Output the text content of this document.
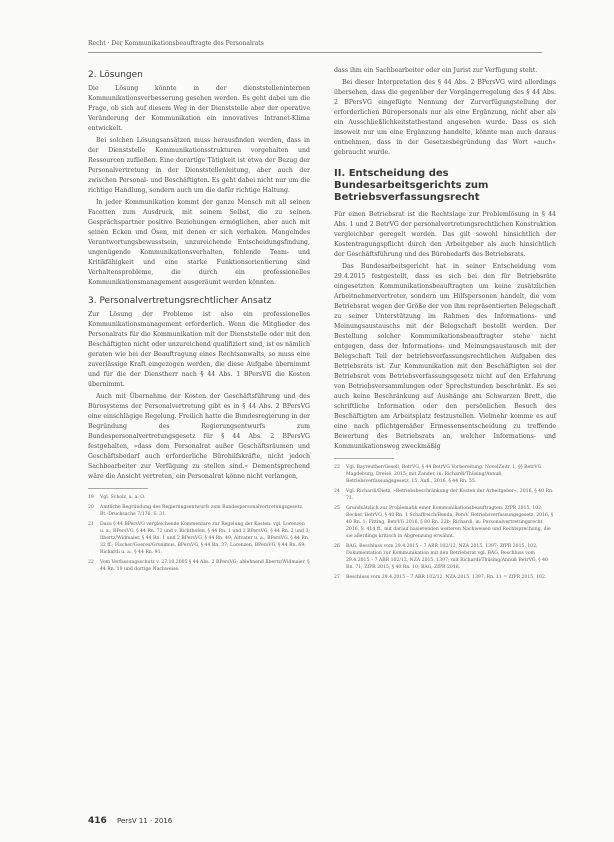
Recht · Der Kommunikationsbeauftragte des Personalrats
2. Lösungen

Die Lösung könnte in der dienststelleninternen Kommunikationsverbesserung gesehen werden. Es geht dabei um die Frage, ob sich auf diesem Weg in der Dienststelle aber der operative Veränderung der Kommunikation ein innovatives Intranet-Klima entwickelt.

Bei solchen Lösungsansätzen muss herausfinden werden, dass in der Dienststelle Kommunikationsstrukturen vorgehalten und Ressourcen zufließen. Eine derartige Tätigkeit ist etwa der Bezug der Personalvertretung in der Dienststellenleitung, aber auch der zwischen Personal- und Beschäftigten. Es geht dabei nicht nur um die richtige Handlung, sondern auch um die dafür richtige Haltung.

In jeder Kommunikation kommt der ganze Mensch mit all seinen Facetten zum Ausdruck, mit seinem Selbst, die zu seinen Gesprächspartner positive Beziehungen ermöglichen, aber auch mit seinen Ecken und Ösen, mit denen er sich verhaken. Mangelndes Verantwortungsbewusstsein, unzureichende Entscheidungsfindung, ungenügende Kommunikationsverhalten, fehlende Team- und Kritikfähigkeit und eine starke Funktionsorientierung sind Verhaltensprobleme, die durch ein professionelles Kommunikationsmanagement ausgeräumt werden könnten.

3. Personalvertretungsrechtlicher Ansatz

Zur Lösung der Probleme ist also ein professionelles Kommunikationsmanagement erforderlich. Wenn die Mitglieder des Personalrats für die Kommunikation mit der Dienststelle oder mit den Beschäftigten nicht oder unzureichend qualifiziert sind, ist es nämlich geraten wie bei der Beauftragung eines Rechtsanwalts, so muss eine zuverlässige Kraft eingezogen werden, die diese Aufgabe übernimmt und für die der Dienstherr nach § 44 Abs. 1 BPersVG die Kosten übernimmt.

Auch mit Übernahme der Kosten der Geschäftsführung und des Bürosystems der Personalvertretung gibt es in § 44 Abs. 2 BPersVG eine einschlägige Regelung. Freilich hatte die Bundesregierung in der Begründung des Regierungsentwurfs zum Bundespersonalvertretungsgesetz für § 44 Abs. 2 BPersVG festgehalten, »dass dem Personalrat außer Geschäftsräumen und Geschäftsbedarf auch erforderliche Bürohilfskräfte, nicht jedoch Sachbearbeiter zur Verfügung zu stellen sind.« Dementsprechend wäre die Ansicht vertreten, ein Personalrat könne nicht verlangen,

19	Vgl. Scholz, a. a. O.
20	Amtliche Begründung des Regierungsentwurfs zum Bundespersonalvertretungsgesetz, Bt.-Drucksache 7/176, S. 31.
21	Dazu § 44 BPersVG vergleichende Kommentare zur Regelung der Kosten: vgl. Lorenzen u. a., BPersVG, § 44 Rn. 72 und v. Richthofen, § 44 Rn. 1 und 2 BPersVG, § 44 Rn. 2 und 3; Ilbertz/Widmaier, § 44 Rn. 1 und 2 BPersVG, § 44 Rn. 49; Altvater u. a., BPersVG, § 44 Rn. 32 ff.; Fischer/Goeres/Gronimus, BPersVG, § 44 Rn. 37; Lorenzen, BPersVG, § 44 Rn. 69; Richardi u. a., § 44 Rn. 91.
22	Vom Verfassungsschutz v. 27.10.2005 § 44 Abs. 2 BPersVG; ablehnend Ilbertz/Widmaier, § 44 Rn. 19 und dortige Nachweise.

dass ihm ein Sachbearbeiter oder ein Jurist zur Verfügung steht.

Bei dieser Interpretation des § 44 Abs. 2 BPersVG wird allerdings übersehen, dass die gegenüber der Vorgängerregelung des § 44 Abs. 2 BPersVG eingefügte Nennung der Zurverfügungstellung der erforderlichen Büropersonals nur als eine Ergänzung, nicht aber als ein Ausschließlichkeitstatbestand angesehen wurde. Dass es sich insoweit nur um eine Ergänzung handelte, könnte man auch daraus entnehmen, dass in der Gesetzesbegründung das Wort »auch« gebraucht wurde.

II. Entscheidung des Bundesarbeitsgerichts zum Betriebsverfassungsrecht

Für einen Betriebsrat ist die Rechtslage zur Problemlösung in § 44 Abs. 1 und 2 BetrVG der personalvertretungsrechtlichen Konstruktion vergleichbar geregelt worden. Das gilt sowohl hinsichtlich der Kostentragungspflicht durch den Arbeitgeber als auch hinsichtlich der Geschäftsführung und des Bürobedarfs des Betriebsrats.

Das Bundesarbeitsgericht hat in seiner Entscheidung vom 29.4.2015 festgestellt, dass es sich bei den für Betriebsräte eingesetzten Kommunikationsbeauftragten um keine zusätzlichen Arbeitnehmervertreter, sondern um Hilfspersonen handelt, die vom Betriebsrat wegen der Größe der von ihm repräsentierten Belegschaft zu seiner Unterstützung im Rahmen des Informations- und Meinungsaustauschs mit der Belegschaft bestellt werden. Der Bestellung solcher Kommunikationsbeauftragter stehe nicht entgegen, dass der Informations- und Meinungsaustausch mit der Belegschaft Teil der betriebsverfassungsrechtlichen Aufgaben des Betriebsrats ist. Zur Kommunikation mit den Beschäftigten sei der Betriebsrat vom Betriebsverfassungsgesetz nicht auf den Erfahrung von Betriebsversammlungen oder Sprechstunden beschränkt. Es sei auch keine Beschränkung auf Aushänge am Schwarzen Brett, die schriftliche Information oder den persönlichen Besuch des Beschäftigten am Arbeitsplatz festzustellen. Vielmehr komme es auf eine nach pflichtgemäßer Ermessensentscheidung zu treffende Bewertung des Betriebsrats an, welcher Informations- und Kommunikationsweg zweckmäßig

23	Vgl. Bayreuther/Gesell, BetrVG, § 44 BetrVG Vorbereitung, NovelZeitr. 1, §§ BetrVG Magdeburg, Dreisé, 2015; mit Zander, in: Richardi/Thüsing/Annuß, Betriebsverfassungsgesetz, 15. Aufl., 2016, § 44 Rn. 55.
24	Vgl. Richardi/Dietz, »Betriebsbeschränkung der Kosten der Arbeitgeber«, 2016, § 40 Rn. 71.
25	Grundsätzlich zur Problematik einer Kommunikationsbeauftragten: ZfPR 2015, 102; Becker, BetrVG, § 40 Rn. 1 Schaffreich/Benda, PersV, Betriebsverfassungsgesetz, 2016, § 40 Rn. 1; Fitting, BetrVG 2016, § 80 Rn. 22b; Richardi, in: Personalvertretungsrecht 2016, S. 414 ff., mit darauf basierenden weiteren Nachweisen und Rechtsprechung, die sie allerdings kritisch in Abgrenzung erwähnt.
26	BAG, Beschluss vom 29.4.2015 – 7 ABR 102/12, NZA 2015, 1397; ZfPR 2015, 102; Dokumentation zur Kommunikation mit den Betriebsrat vgl. BAG, Beschluss vom 29.4.2015 – 7 ABR 102/12, NZA 2015, 1397; mit Richardi/Thüsing/Annuß BetrVG, § 40 Rn. 71; ZfPR 2015, § 40 Rn. 10; BAG, ZfPR 2016.
27	Beschluss vom 29.4.2015 – 7 ABR 102/12, NZA 2015, 1397, Rn. 11 = ZfPR 2015, 102.
416 PersV 11 · 2016
